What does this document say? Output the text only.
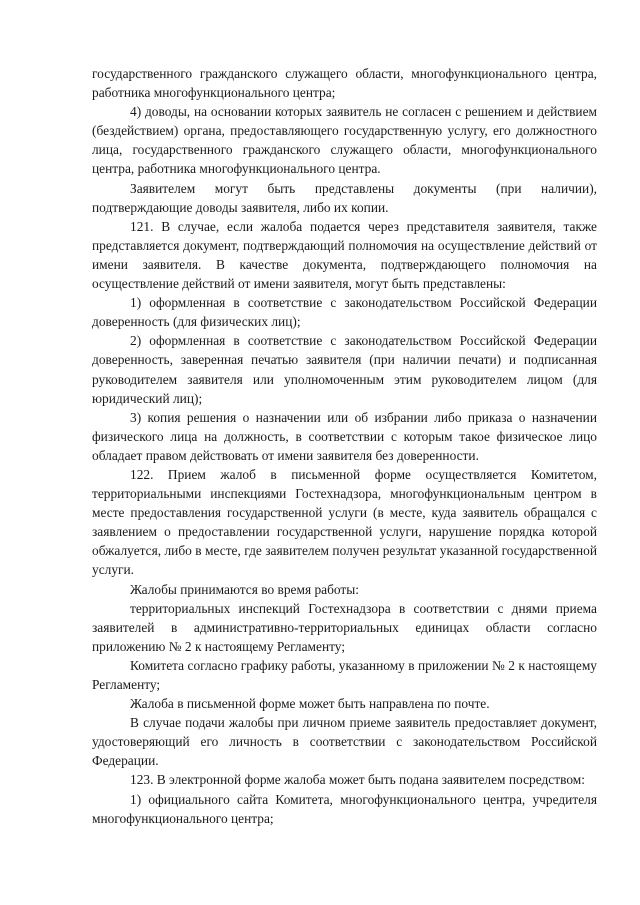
государственного гражданского служащего области, многофункционального центра, работника многофункционального центра;

4) доводы, на основании которых заявитель не согласен с решением и действием (бездействием) органа, предоставляющего государственную услугу, его должностного лица, государственного гражданского служащего области, многофункционального центра, работника многофункционального центра.

Заявителем могут быть представлены документы (при наличии), подтверждающие доводы заявителя, либо их копии.

121. В случае, если жалоба подается через представителя заявителя, также представляется документ, подтверждающий полномочия на осуществление действий от имени заявителя. В качестве документа, подтверждающего полномочия на осуществление действий от имени заявителя, могут быть представлены:

1) оформленная в соответствие с законодательством Российской Федерации доверенность (для физических лиц);

2) оформленная в соответствие с законодательством Российской Федерации доверенность, заверенная печатью заявителя (при наличии печати) и подписанная руководителем заявителя или уполномоченным этим руководителем лицом (для юридический лиц);

3) копия решения о назначении или об избрании либо приказа о назначении физического лица на должность, в соответствии с которым такое физическое лицо обладает правом действовать от имени заявителя без доверенности.

122. Прием жалоб в письменной форме осуществляется Комитетом, территориальными инспекциями Гостехнадзора, многофункциональным центром в месте предоставления государственной услуги (в месте, куда заявитель обращался с заявлением о предоставлении государственной услуги, нарушение порядка которой обжалуется, либо в месте, где заявителем получен результат указанной государственной услуги.

Жалобы принимаются во время работы:

территориальных инспекций Гостехнадзора в соответствии с днями приема заявителей в административно-территориальных единицах области согласно приложению № 2 к настоящему Регламенту;

Комитета согласно графику работы, указанному в приложении № 2 к настоящему Регламенту;

Жалоба в письменной форме может быть направлена по почте.

В случае подачи жалобы при личном приеме заявитель предоставляет документ, удостоверяющий его личность в соответствии с законодательством Российской Федерации.

123. В электронной форме жалоба может быть подана заявителем посредством:

1) официального сайта Комитета, многофункционального центра, учредителя многофункционального центра;
